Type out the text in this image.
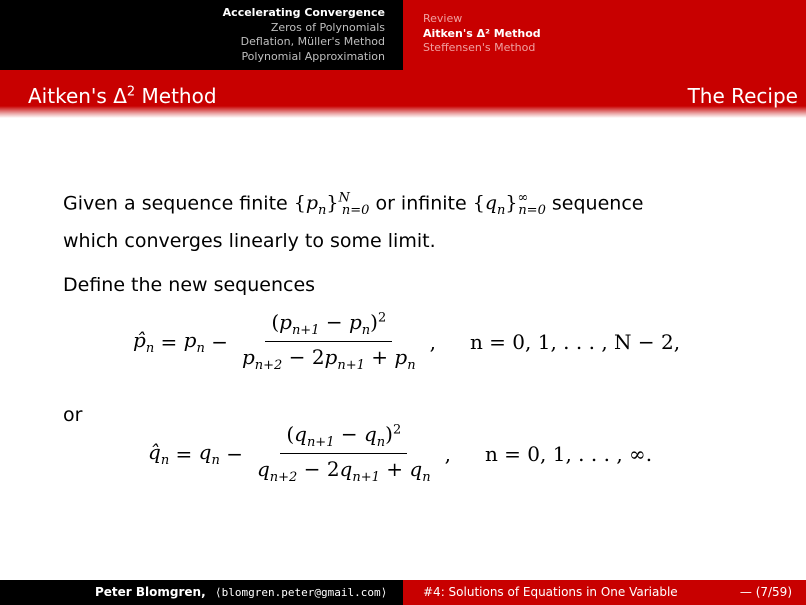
Accelerating Convergence
Zeros of Polynomials
Deflation, Müller's Method
Polynomial Approximation
Review
Aitken's Δ² Method
Steffensen's Method
Aitken's $\Delta^2$ Method	The Recipe

Given a sequence finite $\{p_n\}^N_{n=0}$ or infinite $\{q_n\}^\infty_{n=0}$ sequence
which converges linearly to some limit.

Define the new sequences

$p̂_n = p_n - \frac{(p_{n+1} - p_n)^2}{p_{n+2} - 2p_{n+1} + p_n}$ , n = 0, 1, . . . , N − 2,
or
$q̂_n = q_n - \frac{(q_{n+1} - q_n)^2}{q_{n+2} - 2q_{n+1} + q_n}$ , n = 0, 1, . . . , ∞.
Peter Blomgren, ⟨blomgren.peter@gmail.com⟩	#4: Solutions of Equations in One Variable	— (7/59)
